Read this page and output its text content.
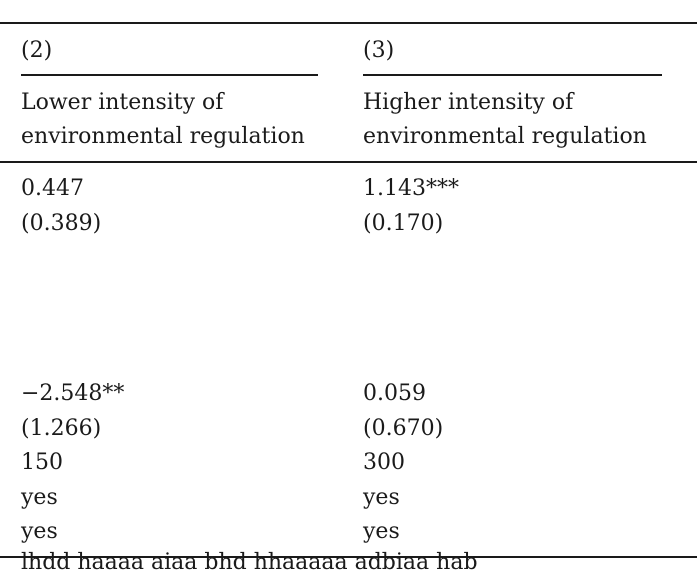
(2)
Lower intensity of
environmental regulation
(3)
Higher intensity of
environmental regulation
0.447
(0.389)
−2.548**
(1.266)
150
yes
yes
1.143***
(0.170)
0.059
(0.670)
300
yes
yes
lhdd haaaa aiaa bhd hhaaaaa adbiaa hab
